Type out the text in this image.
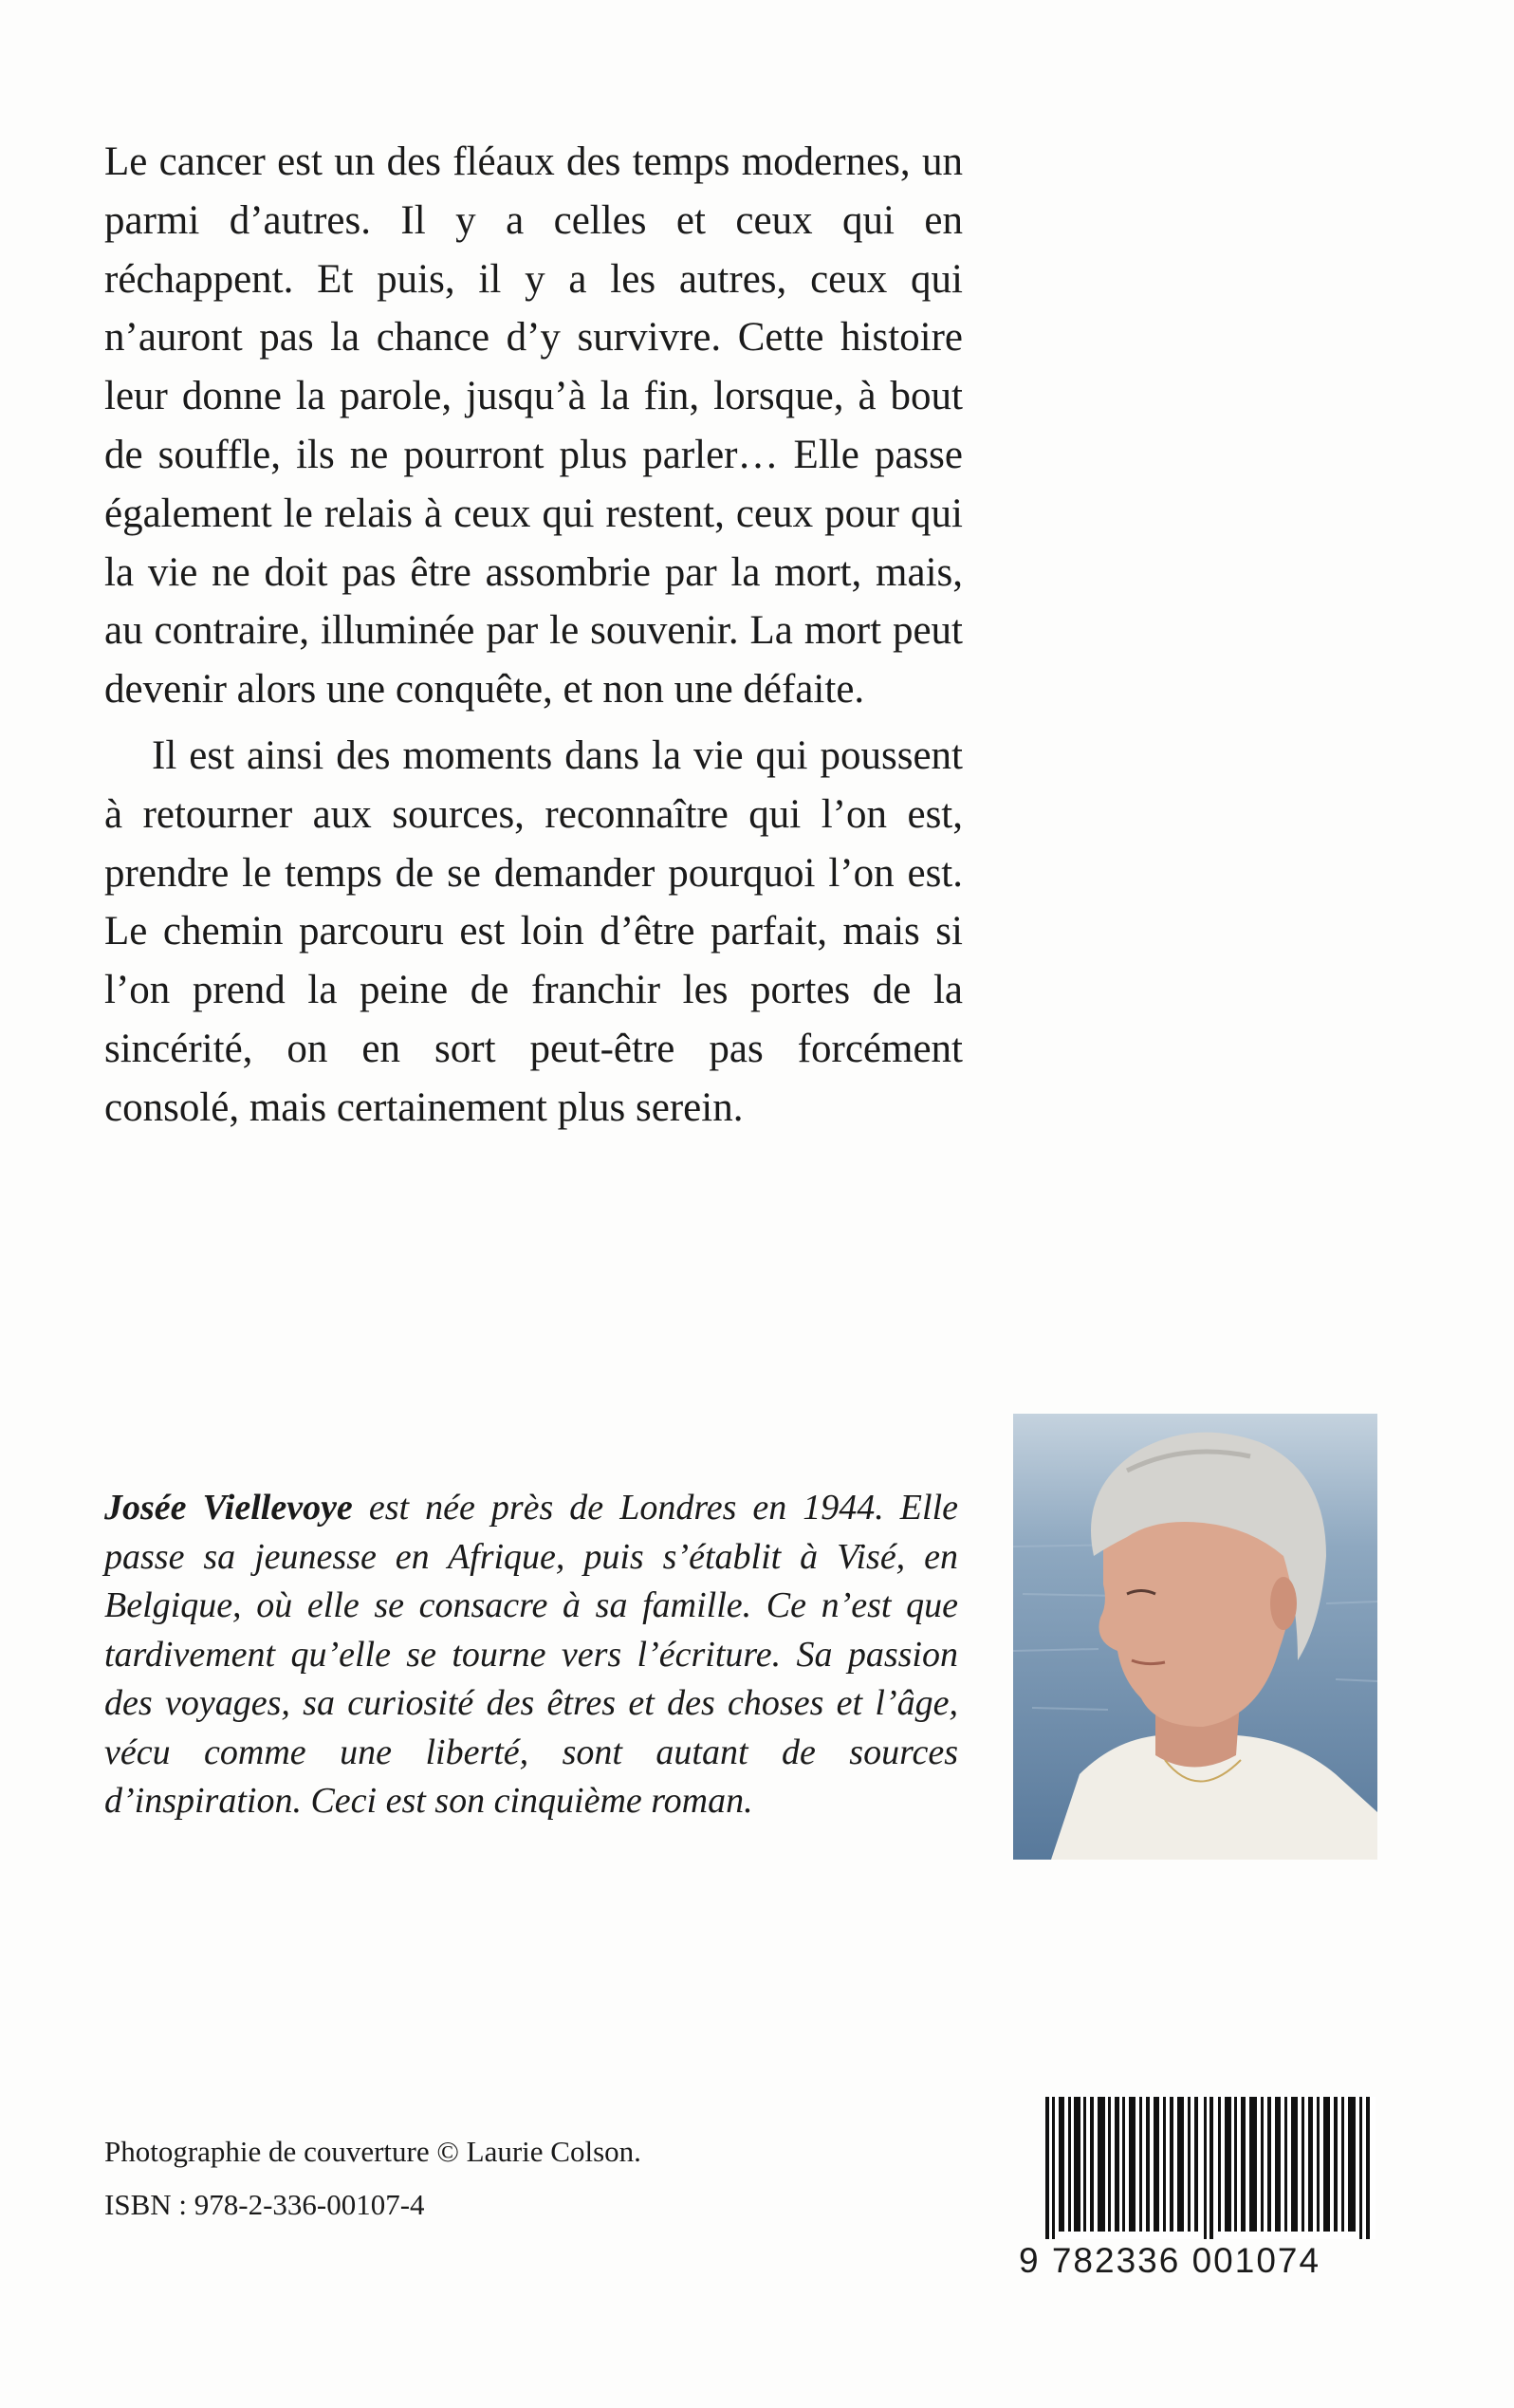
Le cancer est un des fléaux des temps modernes, un parmi d’autres. Il y a celles et ceux qui en réchappent. Et puis, il y a les autres, ceux qui n’auront pas la chance d’y survivre. Cette histoire leur donne la parole, jusqu’à la fin, lorsque, à bout de souffle, ils ne pourront plus parler… Elle passe également le relais à ceux qui restent, ceux pour qui la vie ne doit pas être assombrie par la mort, mais, au contraire, illuminée par le souvenir. La mort peut devenir alors une conquête, et non une défaite.

Il est ainsi des moments dans la vie qui poussent à retourner aux sources, reconnaître qui l’on est, prendre le temps de se demander pourquoi l’on est. Le chemin parcouru est loin d’être parfait, mais si l’on prend la peine de franchir les portes de la sincérité, on en sort peut-être pas forcément consolé, mais certainement plus serein.

Josée Viellevoye est née près de Londres en 1944. Elle passe sa jeunesse en Afrique, puis s’établit à Visé, en Belgique, où elle se consacre à sa famille. Ce n’est que tardivement qu’elle se tourne vers l’écriture. Sa passion des voyages, sa curiosité des êtres et des choses et l’âge, vécu comme une liberté, sont autant de sources d’inspiration. Ceci est son cinquième roman.
Photographie de couverture © Laurie Colson.
ISBN : 978-2-336-00107-4
9 782336 001074
